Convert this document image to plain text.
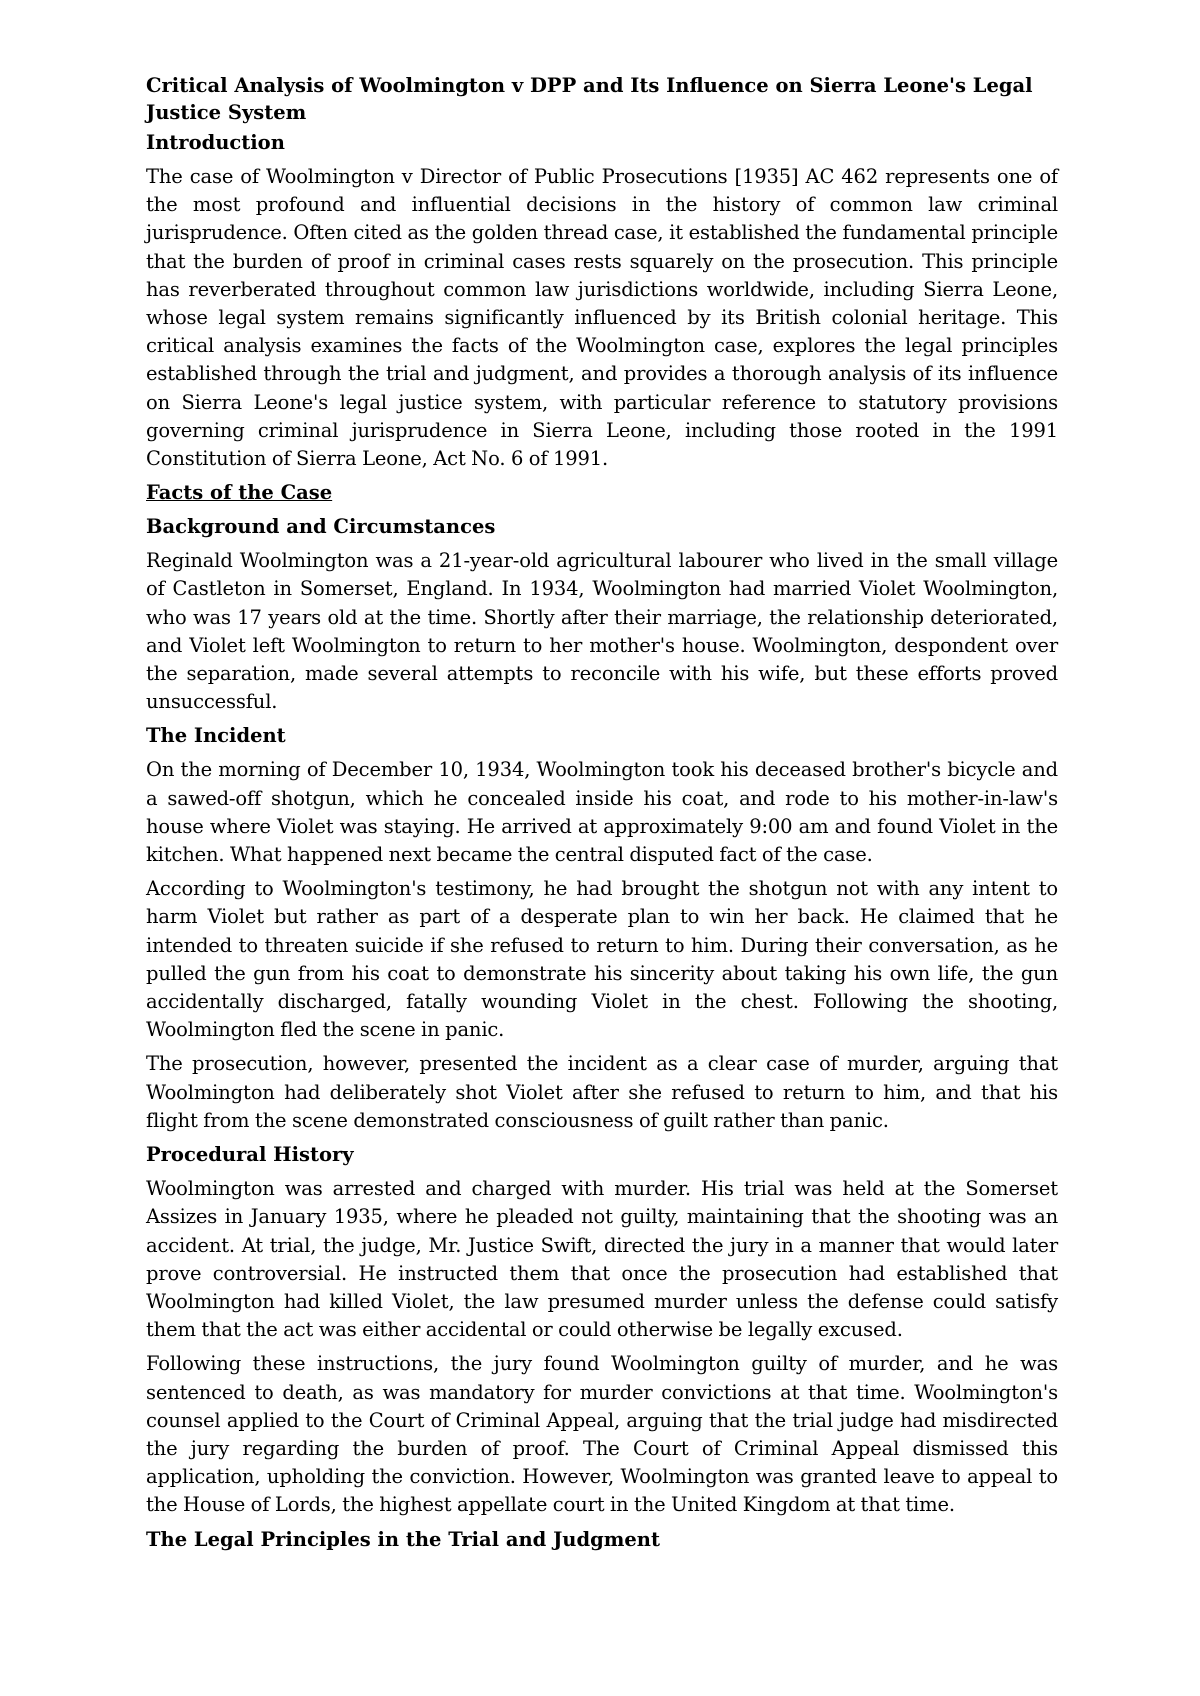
Critical Analysis of Woolmington v DPP and Its Influence on Sierra Leone's Legal Justice System
Introduction
The case of Woolmington v Director of Public Prosecutions [1935] AC 462 represents one of the most profound and influential decisions in the history of common law criminal jurisprudence. Often cited as the golden thread case, it established the fundamental principle that the burden of proof in criminal cases rests squarely on the prosecution. This principle has reverberated throughout common law jurisdictions worldwide, including Sierra Leone, whose legal system remains significantly influenced by its British colonial heritage. This critical analysis examines the facts of the Woolmington case, explores the legal principles established through the trial and judgment, and provides a thorough analysis of its influence on Sierra Leone's legal justice system, with particular reference to statutory provisions governing criminal jurisprudence in Sierra Leone, including those rooted in the 1991 Constitution of Sierra Leone, Act No. 6 of 1991.
Facts of the Case
Background and Circumstances
Reginald Woolmington was a 21-year-old agricultural labourer who lived in the small village of Castleton in Somerset, England. In 1934, Woolmington had married Violet Woolmington, who was 17 years old at the time. Shortly after their marriage, the relationship deteriorated, and Violet left Woolmington to return to her mother's house. Woolmington, despondent over the separation, made several attempts to reconcile with his wife, but these efforts proved unsuccessful.
The Incident
On the morning of December 10, 1934, Woolmington took his deceased brother's bicycle and a sawed-off shotgun, which he concealed inside his coat, and rode to his mother-in-law's house where Violet was staying. He arrived at approximately 9:00 am and found Violet in the kitchen. What happened next became the central disputed fact of the case.
According to Woolmington's testimony, he had brought the shotgun not with any intent to harm Violet but rather as part of a desperate plan to win her back. He claimed that he intended to threaten suicide if she refused to return to him. During their conversation, as he pulled the gun from his coat to demonstrate his sincerity about taking his own life, the gun accidentally discharged, fatally wounding Violet in the chest. Following the shooting, Woolmington fled the scene in panic.
The prosecution, however, presented the incident as a clear case of murder, arguing that Woolmington had deliberately shot Violet after she refused to return to him, and that his flight from the scene demonstrated consciousness of guilt rather than panic.
Procedural History
Woolmington was arrested and charged with murder. His trial was held at the Somerset Assizes in January 1935, where he pleaded not guilty, maintaining that the shooting was an accident. At trial, the judge, Mr. Justice Swift, directed the jury in a manner that would later prove controversial. He instructed them that once the prosecution had established that Woolmington had killed Violet, the law presumed murder unless the defense could satisfy them that the act was either accidental or could otherwise be legally excused.
Following these instructions, the jury found Woolmington guilty of murder, and he was sentenced to death, as was mandatory for murder convictions at that time. Woolmington's counsel applied to the Court of Criminal Appeal, arguing that the trial judge had misdirected the jury regarding the burden of proof. The Court of Criminal Appeal dismissed this application, upholding the conviction. However, Woolmington was granted leave to appeal to the House of Lords, the highest appellate court in the United Kingdom at that time.
The Legal Principles in the Trial and Judgment
